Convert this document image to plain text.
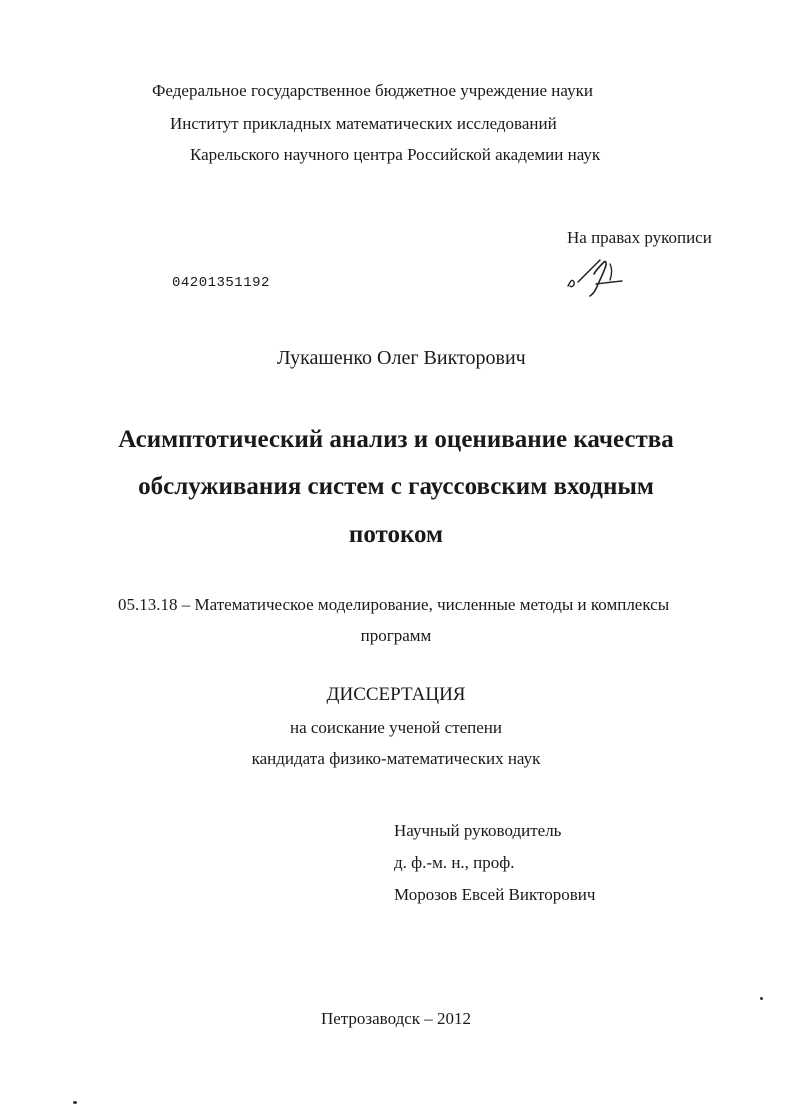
Федеральное государственное бюджетное учреждение науки
Институт прикладных математических исследований
Карельского научного центра Российской академии наук
На правах рукописи
04201351192
Лукашенко Олег Викторович
Асимптотический анализ и оценивание качества
обслуживания систем с гауссовским входным
потоком
05.13.18 – Математическое моделирование, численные методы и комплексы
программ
ДИССЕРТАЦИЯ
на соискание ученой степени
кандидата физико-математических наук
Научный руководитель
д. ф.-м. н., проф.
Морозов Евсей Викторович
Петрозаводск – 2012
